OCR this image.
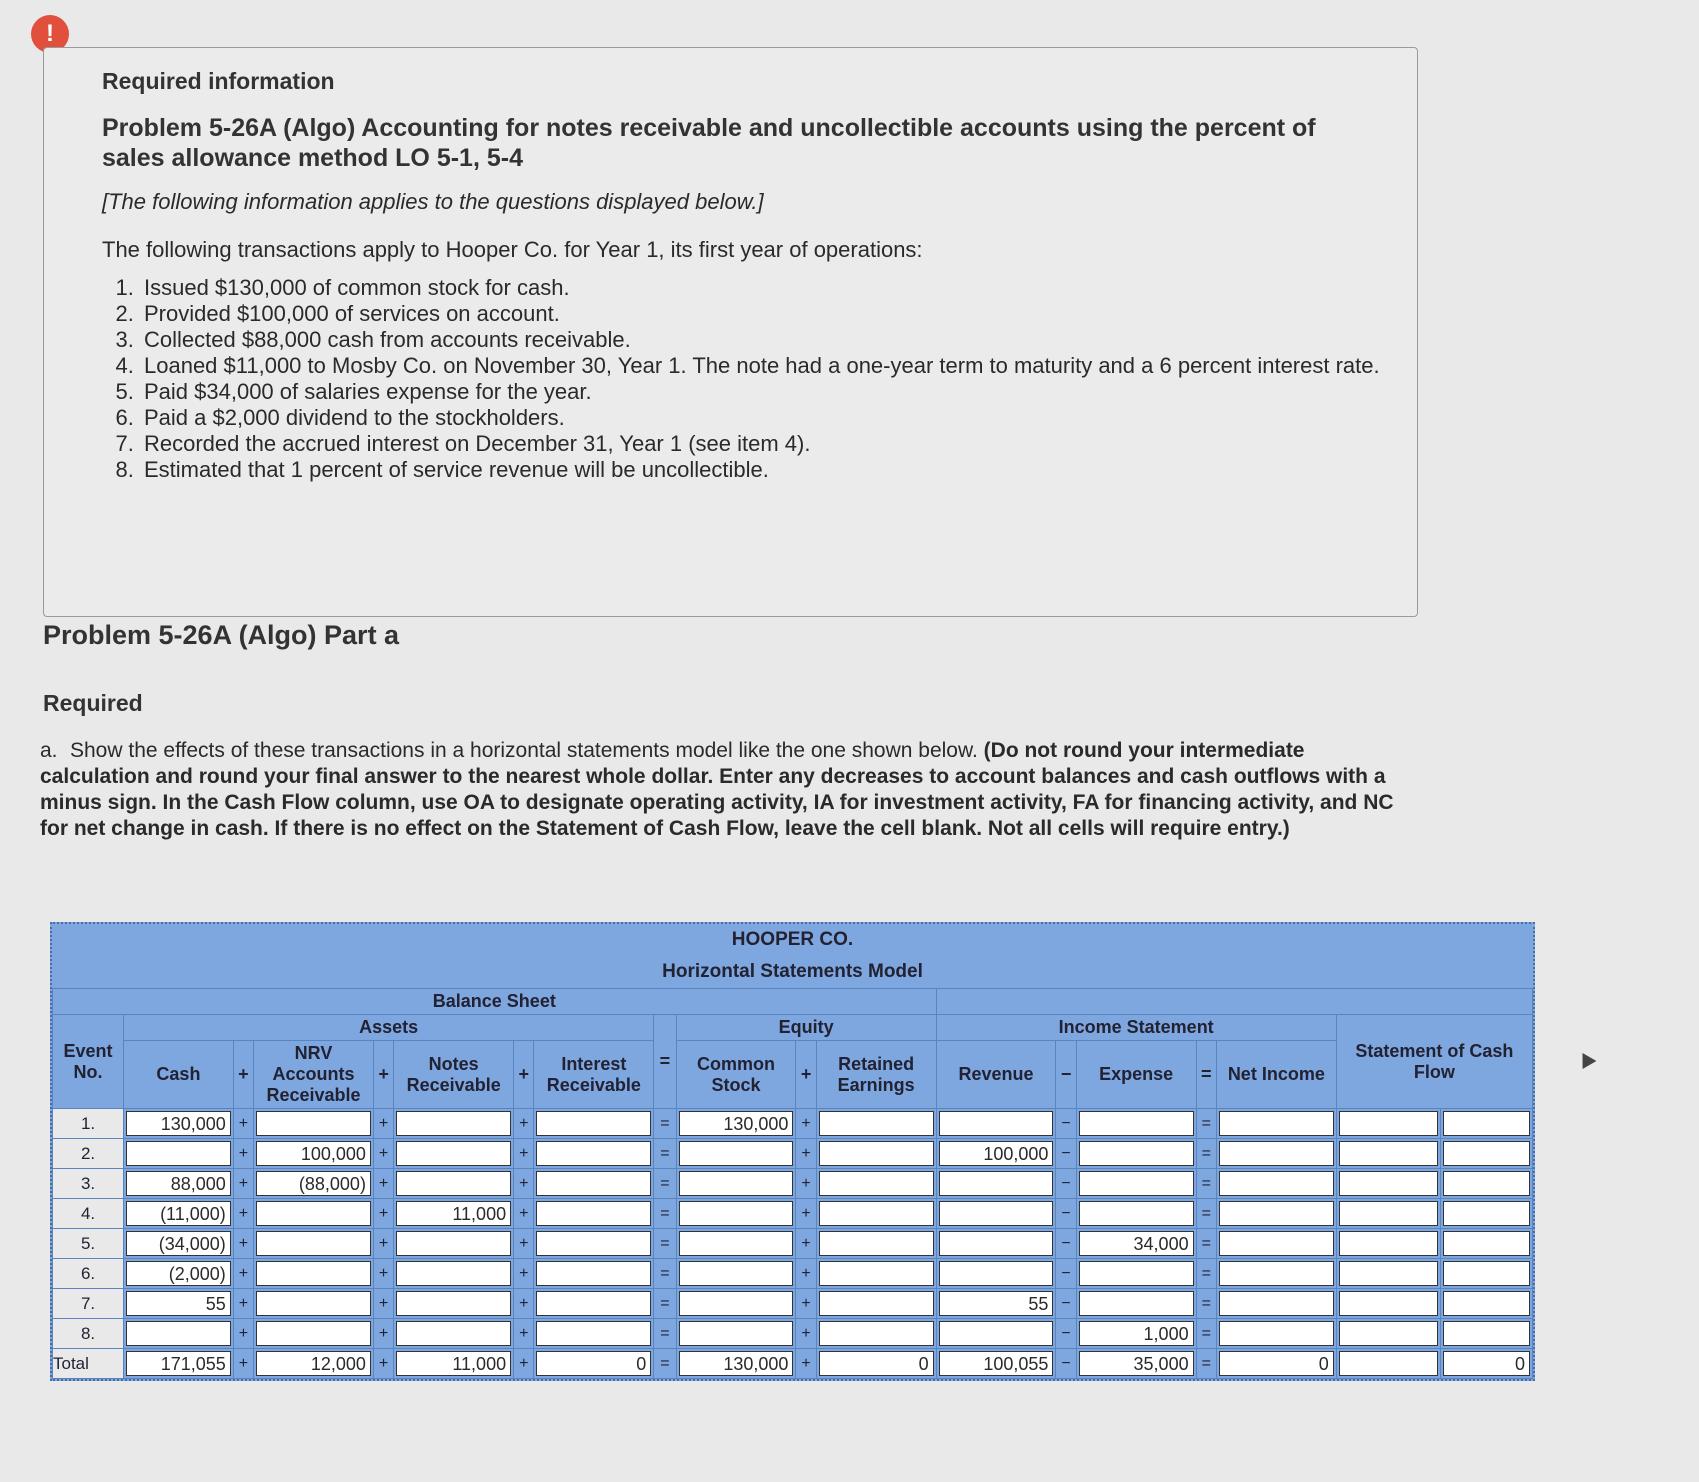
!
Required information
Problem 5-26A (Algo) Accounting for notes receivable and uncollectible accounts using the percent of sales allowance method LO 5-1, 5-4
[The following information applies to the questions displayed below.]
The following transactions apply to Hooper Co. for Year 1, its first year of operations:
1. Issued $130,000 of common stock for cash.
2. Provided $100,000 of services on account.
3. Collected $88,000 cash from accounts receivable.
4. Loaned $11,000 to Mosby Co. on November 30, Year 1. The note had a one-year term to maturity and a 6 percent interest rate.
5. Paid $34,000 of salaries expense for the year.
6. Paid a $2,000 dividend to the stockholders.
7. Recorded the accrued interest on December 31, Year 1 (see item 4).
8. Estimated that 1 percent of service revenue will be uncollectible.
Problem 5-26A (Algo) Part a
Required
a. Show the effects of these transactions in a horizontal statements model like the one shown below. (Do not round your intermediate calculation and round your final answer to the nearest whole dollar. Enter any decreases to account balances and cash outflows with a minus sign. In the Cash Flow column, use OA to designate operating activity, IA for investment activity, FA for financing activity, and NC for net change in cash. If there is no effect on the Statement of Cash Flow, leave the cell blank. Not all cells will require entry.)
HOOPER CO.
Horizontal Statements Model
Balance Sheet																		
Event No.	Assets							=	Equity			Income Statement					Statement of Cash Flow	
	Cash	+	NRV Accounts Receivable	+	Notes Receivable	+	Interest Receivable		Common Stock	+	Retained Earnings	Revenue	−	Expense	=	Net Income		
1.	130,000	+		+		+		=	130,000	+			−		=	

2.		+	100,000	+		+		=		+		100,000	−		=	

3.	88,000	+	(88,000)	+		+		=		+			−		=	

4.	(11,000)	+		+	11,000	+		=		+			−		=	

5.	(34,000)	+		+		+		=		+			−	34,000	=	

6.	(2,000)	+		+		+		=		+			−		=	

7.	55	+		+		+		=		+		55	−		=	

8.		+		+		+		=		+			−	1,000	=	

Total	171,055	+	12,000	+	11,000	+	0	=	130,000	+	0	100,055	−	35,000	=	0		0
